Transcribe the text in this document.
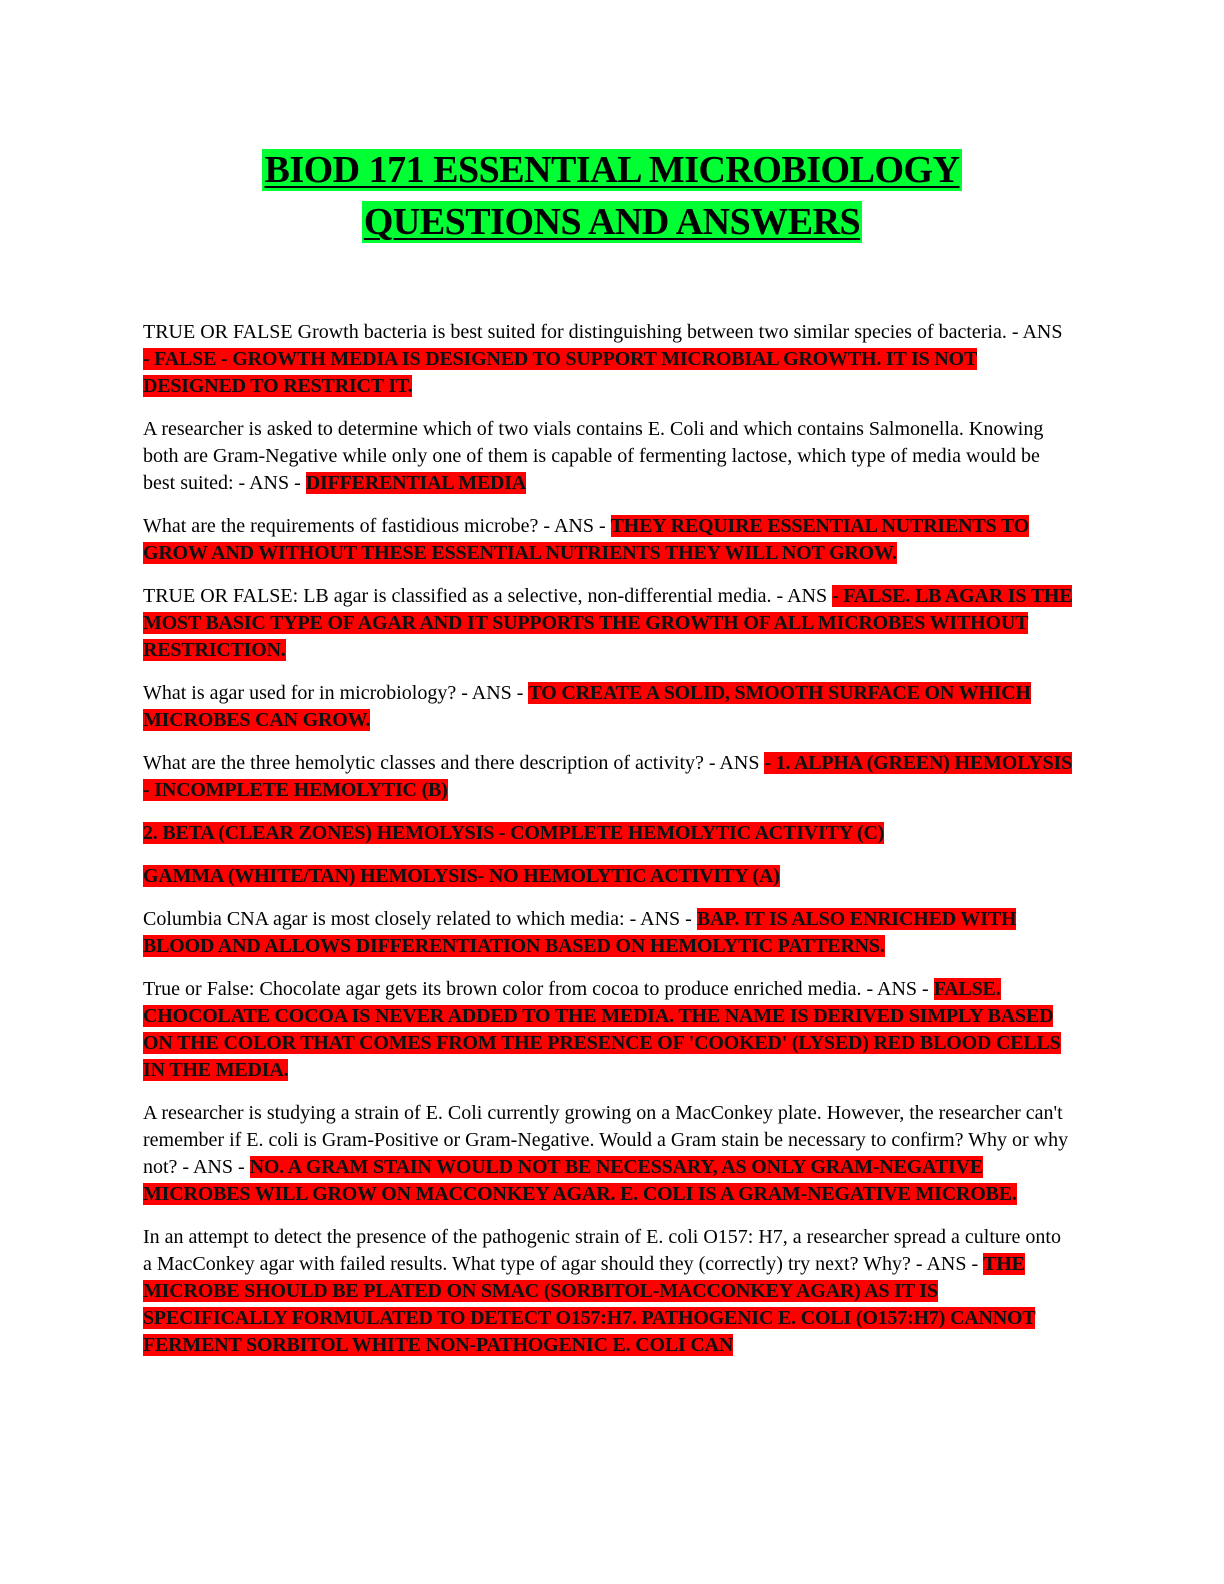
BIOD 171 ESSENTIAL MICROBIOLOGY
QUESTIONS AND ANSWERS

TRUE OR FALSE Growth bacteria is best suited for distinguishing between two similar species of bacteria. - ANS - FALSE - GROWTH MEDIA IS DESIGNED TO SUPPORT MICROBIAL GROWTH. IT IS NOT DESIGNED TO RESTRICT IT.

A researcher is asked to determine which of two vials contains E. Coli and which contains Salmonella. Knowing both are Gram-Negative while only one of them is capable of fermenting lactose, which type of media would be best suited: - ANS - DIFFERENTIAL MEDIA

What are the requirements of fastidious microbe? - ANS - THEY REQUIRE ESSENTIAL NUTRIENTS TO GROW AND WITHOUT THESE ESSENTIAL NUTRIENTS THEY WILL NOT GROW.

TRUE OR FALSE: LB agar is classified as a selective, non-differential media. - ANS - FALSE. LB AGAR IS THE MOST BASIC TYPE OF AGAR AND IT SUPPORTS THE GROWTH OF ALL MICROBES WITHOUT RESTRICTION.

What is agar used for in microbiology? - ANS - TO CREATE A SOLID, SMOOTH SURFACE ON WHICH MICROBES CAN GROW.

What are the three hemolytic classes and there description of activity? - ANS - 1. ALPHA (GREEN) HEMOLYSIS - INCOMPLETE HEMOLYTIC (B)

2. BETA (CLEAR ZONES) HEMOLYSIS - COMPLETE HEMOLYTIC ACTIVITY (C)

GAMMA (WHITE/TAN) HEMOLYSIS- NO HEMOLYTIC ACTIVITY (A)

Columbia CNA agar is most closely related to which media: - ANS - BAP. IT IS ALSO ENRICHED WITH BLOOD AND ALLOWS DIFFERENTIATION BASED ON HEMOLYTIC PATTERNS.

True or False: Chocolate agar gets its brown color from cocoa to produce enriched media. - ANS - FALSE. CHOCOLATE COCOA IS NEVER ADDED TO THE MEDIA. THE NAME IS DERIVED SIMPLY BASED ON THE COLOR THAT COMES FROM THE PRESENCE OF 'COOKED' (LYSED) RED BLOOD CELLS IN THE MEDIA.

A researcher is studying a strain of E. Coli currently growing on a MacConkey plate. However, the researcher can't remember if E. coli is Gram-Positive or Gram-Negative. Would a Gram stain be necessary to confirm? Why or why not? - ANS - NO. A GRAM STAIN WOULD NOT BE NECESSARY, AS ONLY GRAM-NEGATIVE MICROBES WILL GROW ON MACCONKEY AGAR. E. COLI IS A GRAM-NEGATIVE MICROBE.

In an attempt to detect the presence of the pathogenic strain of E. coli O157: H7, a researcher spread a culture onto a MacConkey agar with failed results. What type of agar should they (correctly) try next? Why? - ANS - THE MICROBE SHOULD BE PLATED ON SMAC (SORBITOL-MACCONKEY AGAR) AS IT IS SPECIFICALLY FORMULATED TO DETECT O157:H7. PATHOGENIC E. COLI (O157:H7) CANNOT FERMENT SORBITOL WHITE NON-PATHOGENIC E. COLI CAN
